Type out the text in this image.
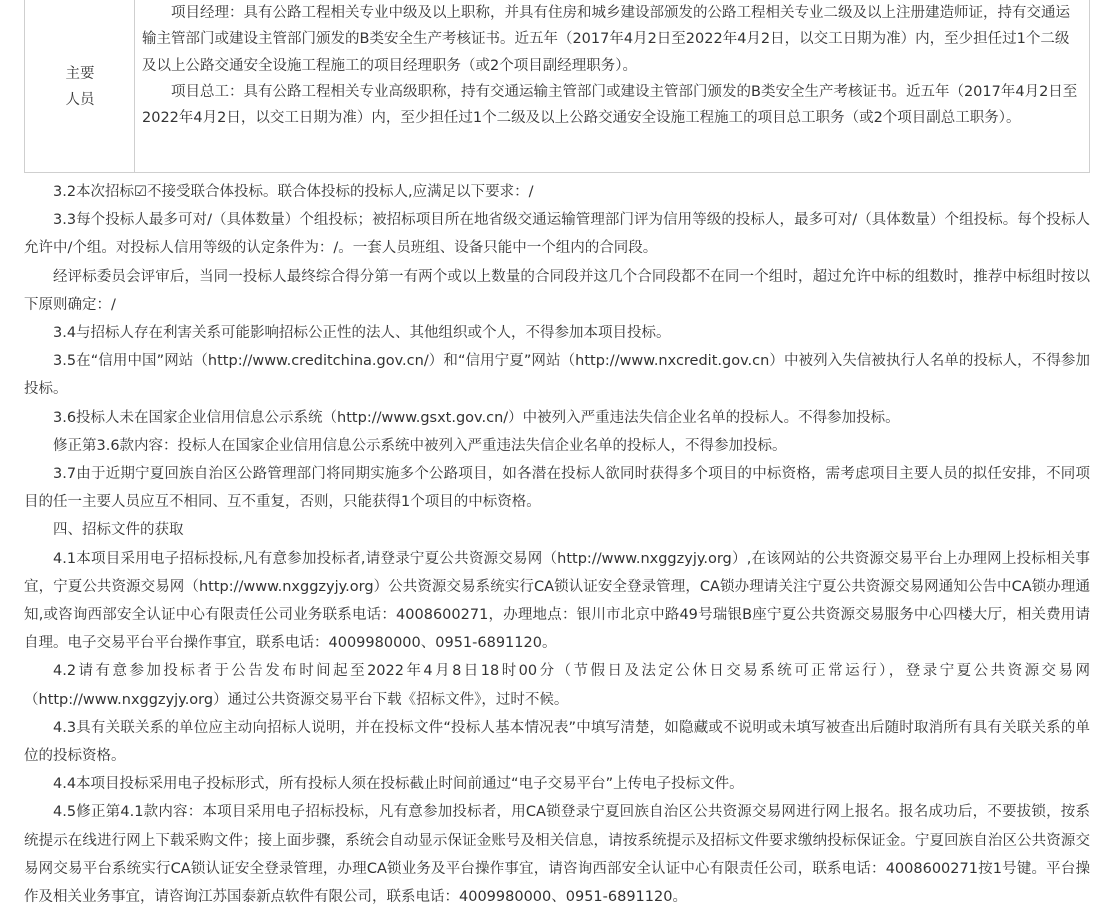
主要
人员

项目经理：具有公路工程相关专业中级及以上职称，并具有住房和城乡建设部颁发的公路工程相关专业二级及以上注册建造师证，持有交通运输主管部门或建设主管部门颁发的B类安全生产考核证书。近五年（2017年4月2日至2022年4月2日，以交工日期为准）内，至少担任过1个二级及以上公路交通安全设施工程施工的项目经理职务（或2个项目副经理职务）。

项目总工：具有公路工程相关专业高级职称，持有交通运输主管部门或建设主管部门颁发的B类安全生产考核证书。近五年（2017年4月2日至2022年4月2日，以交工日期为准）内，至少担任过1个二级及以上公路交通安全设施工程施工的项目总工职务（或2个项目副总工职务）。

3.2本次招标☑不接受联合体投标。联合体投标的投标人,应满足以下要求：/

3.3每个投标人最多可对/（具体数量）个组投标；被招标项目所在地省级交通运输管理部门评为信用等级的投标人，最多可对/（具体数量）个组投标。每个投标人允许中/个组。对投标人信用等级的认定条件为：/。一套人员班组、设备只能中一个组内的合同段。

经评标委员会评审后，当同一投标人最终综合得分第一有两个或以上数量的合同段并这几个合同段都不在同一个组时，超过允许中标的组数时，推荐中标组时按以下原则确定：/

3.4与招标人存在利害关系可能影响招标公正性的法人、其他组织或个人，不得参加本项目投标。

3.5在“信用中国”网站（http://www.creditchina.gov.cn/）和“信用宁夏”网站（http://www.nxcredit.gov.cn）中被列入失信被执行人名单的投标人，不得参加投标。

3.6投标人未在国家企业信用信息公示系统（http://www.gsxt.gov.cn/）中被列入严重违法失信企业名单的投标人。不得参加投标。

修正第3.6款内容：投标人在国家企业信用信息公示系统中被列入严重违法失信企业名单的投标人，不得参加投标。

3.7由于近期宁夏回族自治区公路管理部门将同期实施多个公路项目，如各潜在投标人欲同时获得多个项目的中标资格，需考虑项目主要人员的拟任安排，不同项目的任一主要人员应互不相同、互不重复，否则，只能获得1个项目的中标资格。

四、招标文件的获取

4.1本项目采用电子招标投标,凡有意参加投标者,请登录宁夏公共资源交易网（http://www.nxggzyjy.org）,在该网站的公共资源交易平台上办理网上投标相关事宜，宁夏公共资源交易网（http://www.nxggzyjy.org）公共资源交易系统实行CA锁认证安全登录管理，CA锁办理请关注宁夏公共资源交易网通知公告中CA锁办理通知,或咨询西部安全认证中心有限责任公司业务联系电话：4008600271，办理地点：银川市北京中路49号瑞银B座宁夏公共资源交易服务中心四楼大厅，相关费用请自理。电子交易平台平台操作事宜，联系电话：4009980000、0951-6891120。

4.2请有意参加投标者于公告发布时间起至2022年4月8日18时00分（节假日及法定公休日交易系统可正常运行），登录宁夏公共资源交易网（http://www.nxggzyjy.org）通过公共资源交易平台下载《招标文件》，过时不候。

4.3具有关联关系的单位应主动向招标人说明，并在投标文件“投标人基本情况表”中填写清楚，如隐藏或不说明或未填写被查出后随时取消所有具有关联关系的单位的投标资格。

4.4本项目投标采用电子投标形式，所有投标人须在投标截止时间前通过“电子交易平台”上传电子投标文件。

4.5修正第4.1款内容：本项目采用电子招标投标，凡有意参加投标者，用CA锁登录宁夏回族自治区公共资源交易网进行网上报名。报名成功后，不要拔锁，按系统提示在线进行网上下载采购文件；接上面步骤，系统会自动显示保证金账号及相关信息，请按系统提示及招标文件要求缴纳投标保证金。宁夏回族自治区公共资源交易网交易平台系统实行CA锁认证安全登录管理，办理CA锁业务及平台操作事宜，请咨询西部安全认证中心有限责任公司，联系电话：4008600271按1号键。平台操作及相关业务事宜，请咨询江苏国泰新点软件有限公司，联系电话：4009980000、0951-6891120。
